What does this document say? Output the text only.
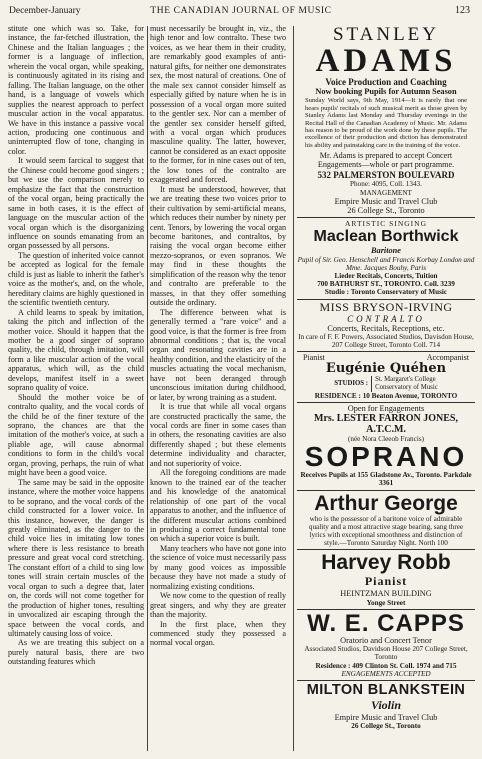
December-January	THE CANADIAN JOURNAL OF MUSIC	123

stitute one which was so. Take, for instance, the far-fetched illustration, the Chinese and the Italian languages ; the former is a language of inflection, wherein the vocal organ, while speaking, is continuously agitated in its rising and falling. The Italian language, on the other hand, is a language of vowels which supplies the nearest approach to perfect muscular action in the vocal apparatus. We have in this instance a passive vocal action, producing one continuous and uninterrupted flow of tone, changing in color.

It would seem farcical to suggest that the Chinese could become good singers ; but we use the comparison merely to emphasize the fact that the construction of the vocal organ, being practically the same in both cases, it is the effect of language on the muscular action of the vocal organ which is the disorganizing influence on sounds emanating from an organ possessed by all persons.

The question of inherited voice cannot be accepted as logical for the female child is just as liable to inherit the father's voice as the mother's, and, on the whole, hereditary claims are highly questioned in the scientific twentieth century.

A child learns to speak by imitation, taking the pitch and inflection of the mother voice. Should it happen that the mother be a good singer of soprano quality, the child, through imitation, will form a like muscular action of the vocal apparatus, which will, as the child develops, manifest itself in a sweet soprano quality of voice.

Should the mother voice be of contralto quality, and the vocal cords of the child be of the finer texture of the soprano, the chances are that the imitation of the mother's voice, at such a pliable age, will cause abnormal conditions to form in the child's vocal organ, proving, perhaps, the ruin of what might have been a good voice.

The same may be said in the opposite instance, where the mother voice happens to be soprano, and the vocal cords of the child constructed for a lower voice. In this instance, however, the danger is greatly eliminated, as the danger to the child voice lies in imitating low tones where there is less resistance to breath pressure and great vocal cord stretching. The constant effort of a child to sing low tones will strain certain muscles of the vocal organ to such a degree that, later on, the cords will not come together for the production of higher tones, resulting in unvocalized air escaping through the space between the vocal cords, and ultimately causing loss of voice.

As we are treating this subject on a purely natural basis, there are two outstanding features which

must necessarily be brought in, viz., the high tenor and low contralto. These two voices, as we hear them in their crudity, are remarkably good examples of anti-natural gifts, for neither one demonstrates sex, the most natural of creations. One of the male sex cannot consider himself as especially gifted by nature when he is in possession of a vocal organ more suited to the gentler sex. Nor can a member of the gentler sex consider herself gifted, with a vocal organ which produces masculine quality. The latter, however, cannot be considered as an exact opposite to the former, for in nine cases out of ten, the low tones of the contralto are exaggerated and forced.

It must be understood, however, that we are treating these two voices prior to their cultivation by semi-artificial means, which reduces their number by ninety per cent. Tenors, by lowering the vocal organ become baritones, and contraltos, by raising the vocal organ become either mezzo-sopranos, or even sopranos. We may find in these thoughts the simplification of the reason why the tenor and contralto are preferable to the masses, in that they offer something outside the ordinary.

The difference between what is generally termed a "rare voice" and a good voice, is that the former is free from abnormal conditions ; that is, the vocal organ and resonating cavities are in a healthy condition, and the elasticity of the muscles actuating the vocal mechanism, have not been deranged through unconscious imitation during childhood, or later, by wrong training as a student.

It is true that while all vocal organs are constructed practically the same, the vocal cords are finer in some cases than in others, the resonating cavities are also differently shaped ; but these elements determine individuality and character, and not superiority of voice.

All the foregoing conditions are made known to the trained ear of the teacher and his knowledge of the anatomical relationship of one part of the vocal apparatus to another, and the influence of the different muscular actions combined in producing a correct fundamental tone on which a superior voice is built.

Many teachers who have not gone into the science of voice must necessarily pass by many good voices as impossible because they have not made a study of normalizing existing conditions.

We now come to the question of really great singers, and why they are greater than the majority.

In the first place, when they commenced study they possessed a normal vocal organ.

STANLEY
ADAMS
Voice Production and Coaching
Now booking Pupils for Autumn Season
Sunday World says, 9th May, 1914—It is rarely that one hears pupils' recitals of such musical merit as those given by Stanley Adams last Monday and Thursday evenings in the Recital Hall of the Canadian Academy of Music. Mr. Adams has reason to be proud of the work done by these pupils. The excellence of their production and diction has demonstrated his ability and painstaking care in the training of the voice.
Mr. Adams is prepared to accept Concert Engagements—whole or part programme.
532 PALMERSTON BOULEVARD
Phone: 4095, Coll. 1343.
MANAGEMENT
Empire Music and Travel Club
26 College St., Toronto
ARTISTIC SINGING
Maclean Borthwick
Baritone
Pupil of Sir. Geo. Henschell and Francis Korbay London and Mme. Jacques Bouhy, Paris
Lieder Recitals, Concerts, Tuition
700 BATHURST ST., TORONTO. Coll. 3239
Studio : Toronto Conservatory of Music
MISS BRYSON-IRVING
CONTRALTO
Concerts, Recitals, Receptions, etc.
In care of F. F. Powers, Associated Studios, Davisdon House, 207 College Street, Toronto Coll. 714
Pianist	Accompanist
Eugénie Quéhen
STUDIOS :
St. Margaret's College
Conservatory of Music
RESIDENCE : 10 Beaton Avenue, TORONTO
Open for Engagements
Mrs. LESTER FARRON JONES, A.T.C.M.
(née Nora Cleeob Francis)
SOPRANO
Receives Pupils at 155 Gladstone Av., Toronto. Parkdale 3361
Arthur George
who is the possessor of a baritone voice of admirable quality and a most attractive stage bearing, sang three lyrics with exceptional smoothness and distinction of style.—Toronto Saturday Night. North 100
Harvey Robb
Pianist
HEINTZMAN BUILDING
Yonge Street
W. E. CAPPS
Oratorio and Concert Tenor
Associated Studios, Davidson House 207 College Street, Toronto
Residence : 409 Clinton St. Coll. 1974 and 715
ENGAGEMENTS ACCEPTED
MILTON BLANKSTEIN
Violin
Empire Music and Travel Club
26 College St., Toronto
